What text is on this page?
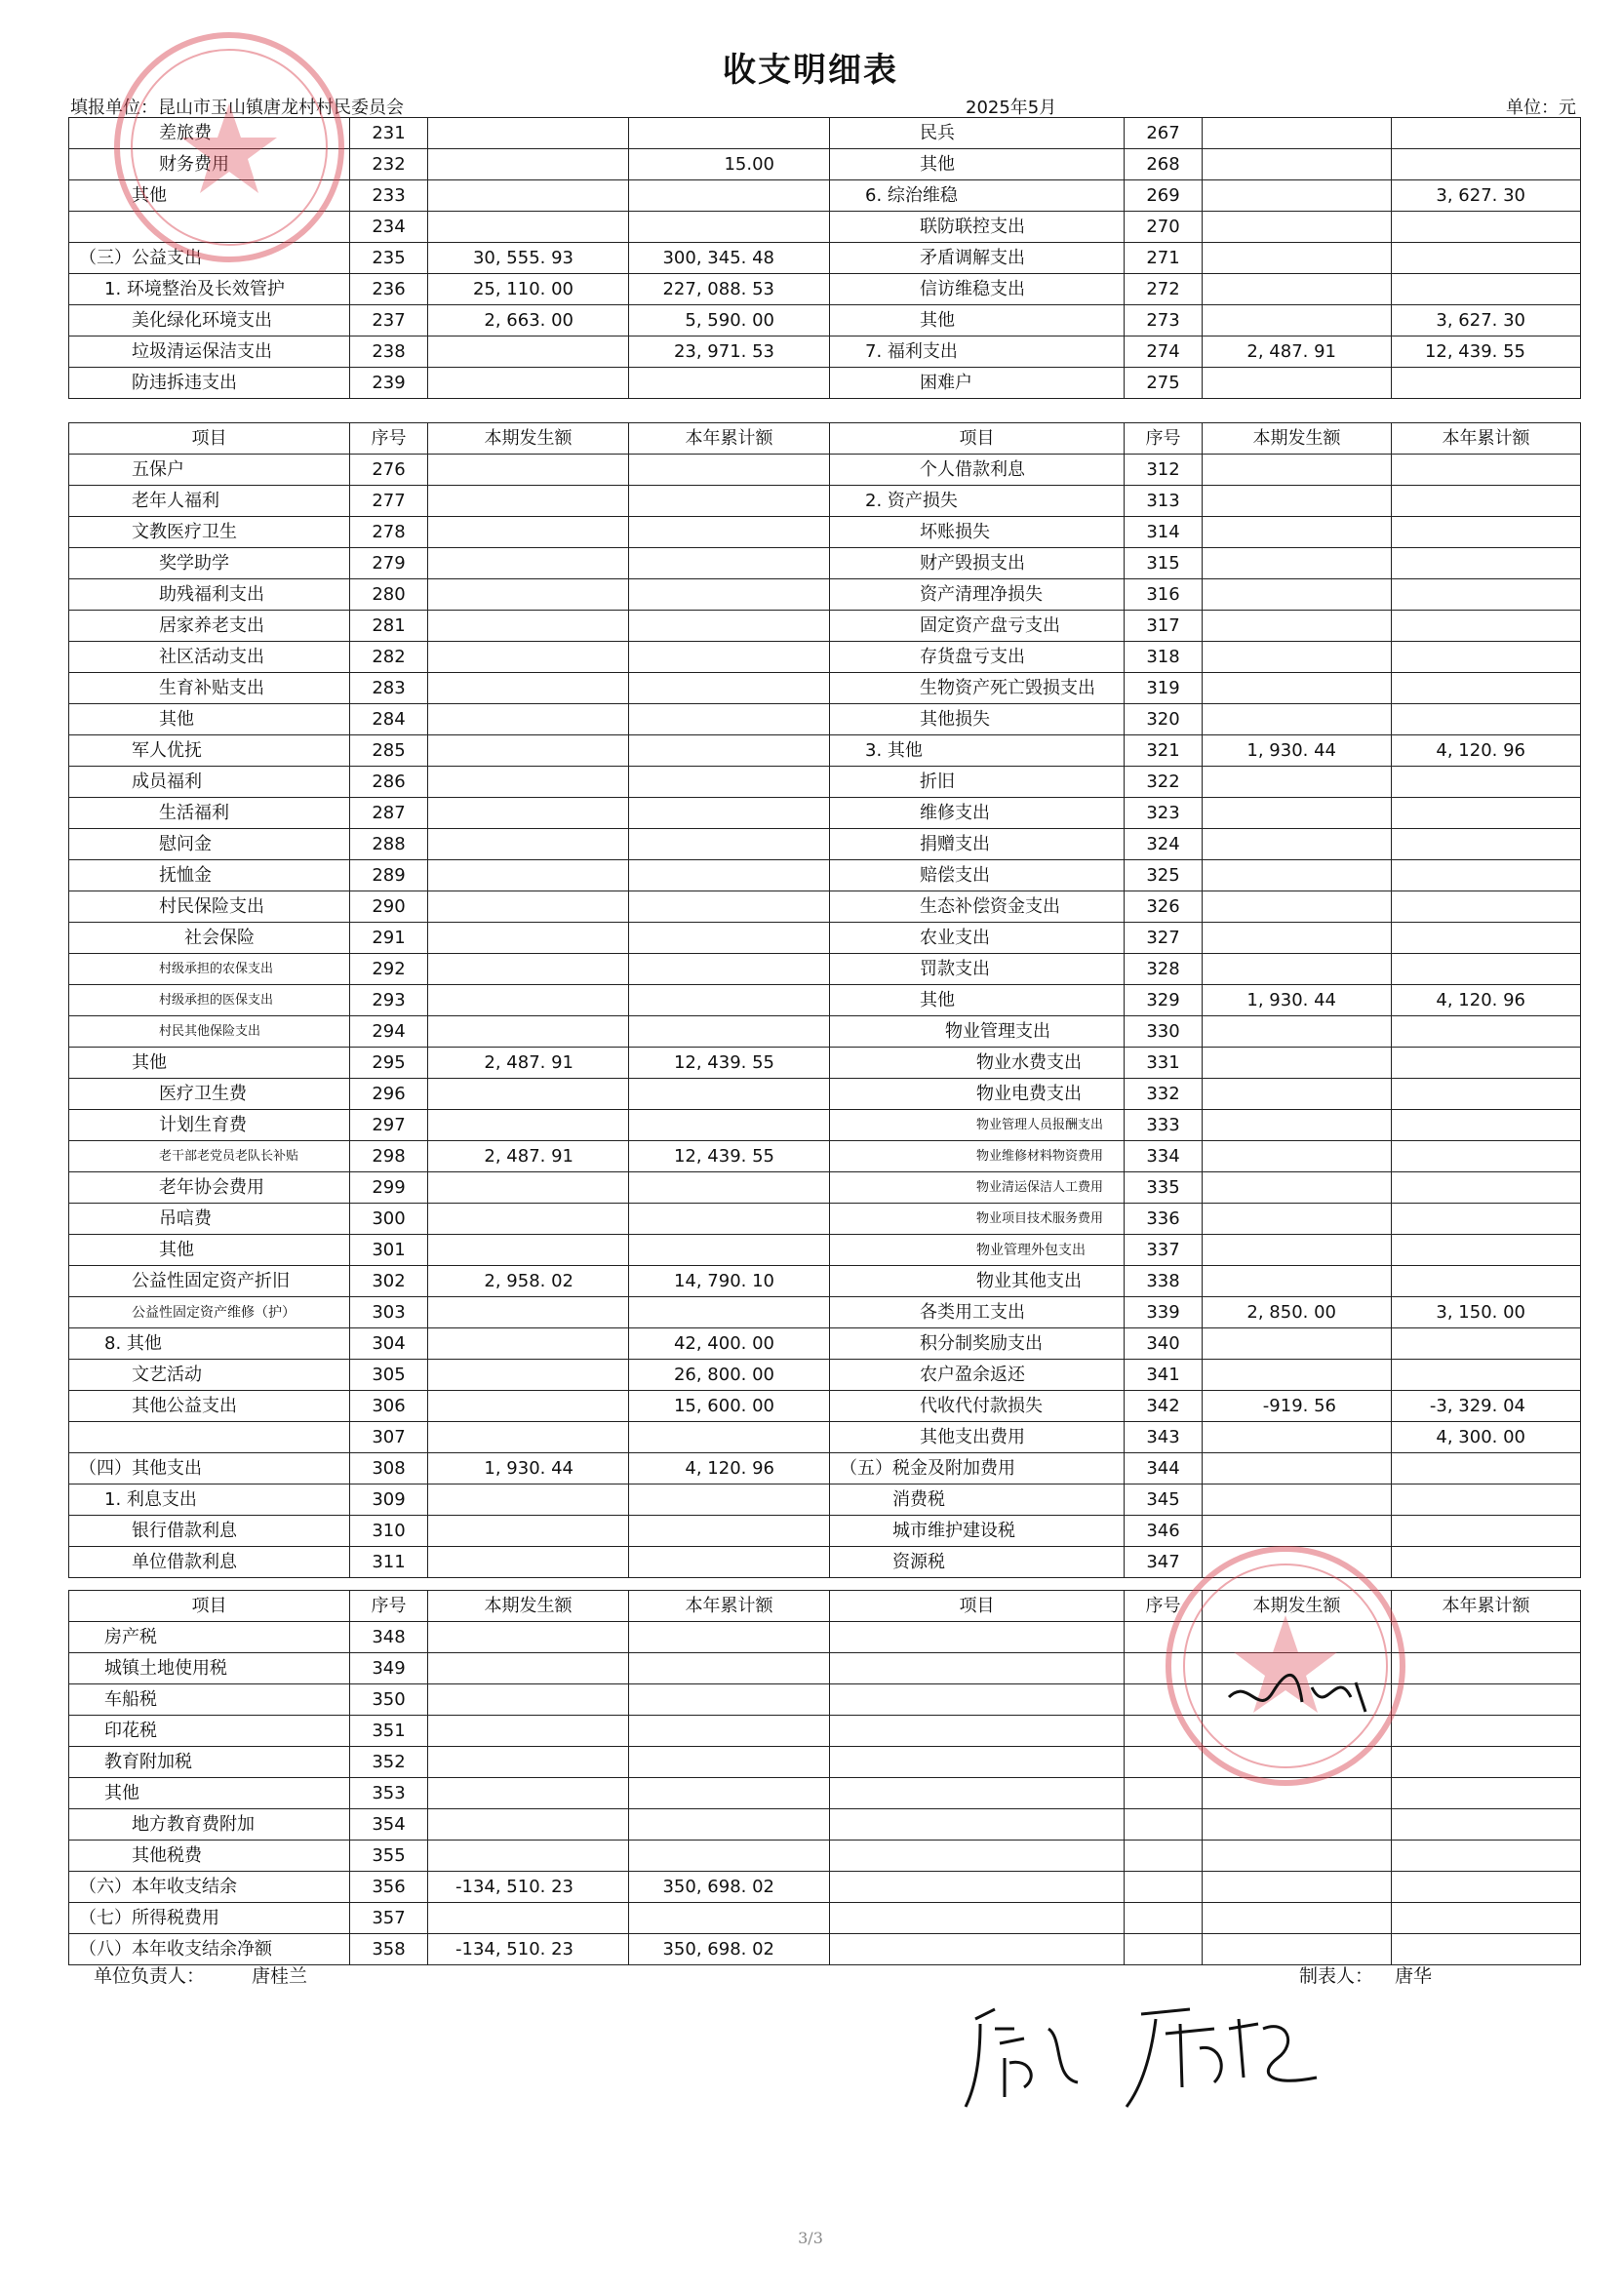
收支明细表
填报单位：昆山市玉山镇唐龙村村民委员会	2025年5月	单位：元
差旅费	231			民兵	267		
财务费用	232		15.00	其他	268		
其他	233			6. 综治维稳	269		3, 627. 30
	234			联防联控支出	270		
（三）公益支出	235	30, 555. 93	300, 345. 48	矛盾调解支出	271		
1. 环境整治及长效管护	236	25, 110. 00	227, 088. 53	信访维稳支出	272		
美化绿化环境支出	237	2, 663. 00	5, 590. 00	其他	273		3, 627. 30
垃圾清运保洁支出	238		23, 971. 53	7. 福利支出	274	2, 487. 91	12, 439. 55
防违拆违支出	239			困难户	275		
项目	序号	本期发生额	本年累计额	项目	序号	本期发生额	本年累计额
五保户	276			个人借款利息	312		
老年人福利	277			2. 资产损失	313		
文教医疗卫生	278			坏账损失	314		
奖学助学	279			财产毁损支出	315		
助残福利支出	280			资产清理净损失	316		
居家养老支出	281			固定资产盘亏支出	317		
社区活动支出	282			存货盘亏支出	318		
生育补贴支出	283			生物资产死亡毁损支出	319		
其他	284			其他损失	320		
军人优抚	285			3. 其他	321	1, 930. 44	4, 120. 96
成员福利	286			折旧	322		
生活福利	287			维修支出	323		
慰问金	288			捐赠支出	324		
抚恤金	289			赔偿支出	325		
村民保险支出	290			生态补偿资金支出	326		
社会保险	291			农业支出	327		
村级承担的农保支出	292			罚款支出	328		
村级承担的医保支出	293			其他	329	1, 930. 44	4, 120. 96
村民其他保险支出	294			物业管理支出	330		
其他	295	2, 487. 91	12, 439. 55	物业水费支出	331		
医疗卫生费	296			物业电费支出	332		
计划生育费	297			物业管理人员报酬支出	333		
老干部老党员老队长补贴	298	2, 487. 91	12, 439. 55	物业维修材料物资费用	334		
老年协会费用	299			物业清运保洁人工费用	335		
吊唁费	300			物业项目技术服务费用	336		
其他	301			物业管理外包支出	337		
公益性固定资产折旧	302	2, 958. 02	14, 790. 10	物业其他支出	338		
公益性固定资产维修（护）	303			各类用工支出	339	2, 850. 00	3, 150. 00
8. 其他	304		42, 400. 00	积分制奖励支出	340		
文艺活动	305		26, 800. 00	农户盈余返还	341		
其他公益支出	306		15, 600. 00	代收代付款损失	342	-919. 56	-3, 329. 04
	307			其他支出费用	343		4, 300. 00
（四）其他支出	308	1, 930. 44	4, 120. 96	（五）税金及附加费用	344		
1. 利息支出	309			消费税	345		
银行借款利息	310			城市维护建设税	346		
单位借款利息	311			资源税	347		
项目	序号	本期发生额	本年累计额	项目	序号	本期发生额	本年累计额
房产税	348						
城镇土地使用税	349						
车船税	350						
印花税	351						
教育附加税	352						
其他	353						
地方教育费附加	354						
其他税费	355						
（六）本年收支结余	356	-134, 510. 23	350, 698. 02				
（七）所得税费用	357						
（八）本年收支结余净额	358	-134, 510. 23	350, 698. 02				
单位负责人：	唐桂兰	制表人： 唐华
3/3
